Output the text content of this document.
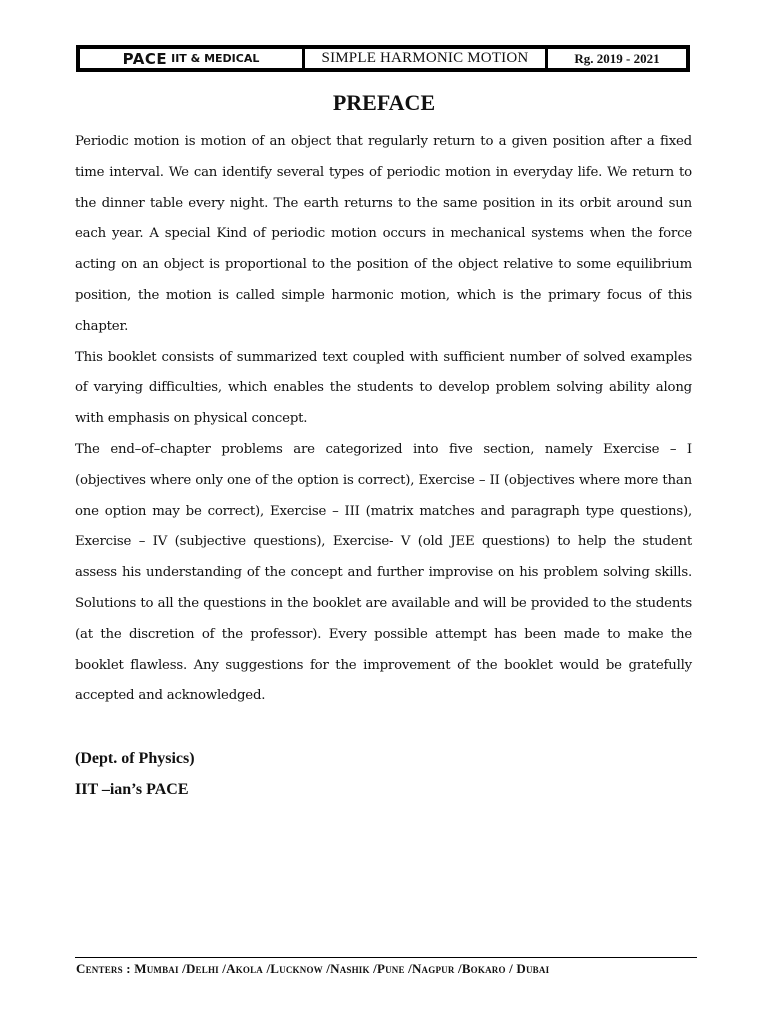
PACE IIT & MEDICAL	SIMPLE HARMONIC MOTION	Rg. 2019 - 2021
PREFACE

Periodic motion is motion of an object that regularly return to a given position after a fixed time interval. We can identify several types of periodic motion in everyday life. We return to the dinner table every night. The earth returns to the same position in its orbit around sun each year. A special Kind of periodic motion occurs in mechanical systems when the force acting on an object is proportional to the position of the object relative to some equilibrium position, the motion is called simple harmonic motion, which is the primary focus of this chapter.

This booklet consists of summarized text coupled with sufficient number of solved examples of varying difficulties, which enables the students to develop problem solving ability along with emphasis on physical concept.

The end–of–chapter problems are categorized into five section, namely Exercise – I (objectives where only one of the option is correct), Exercise – II (objectives where more than one option may be correct), Exercise – III (matrix matches and paragraph type questions), Exercise – IV (subjective questions), Exercise- V (old JEE questions) to help the student assess his understanding of the concept and further improvise on his problem solving skills. Solutions to all the questions in the booklet are available and will be provided to the students (at the discretion of the professor). Every possible attempt has been made to make the booklet flawless. Any suggestions for the improvement of the booklet would be gratefully accepted and acknowledged.

(Dept. of Physics)
IIT –ian’s PACE
Centers : Mumbai /Delhi /Akola /Lucknow /Nashik /Pune /Nagpur /Bokaro / Dubai
